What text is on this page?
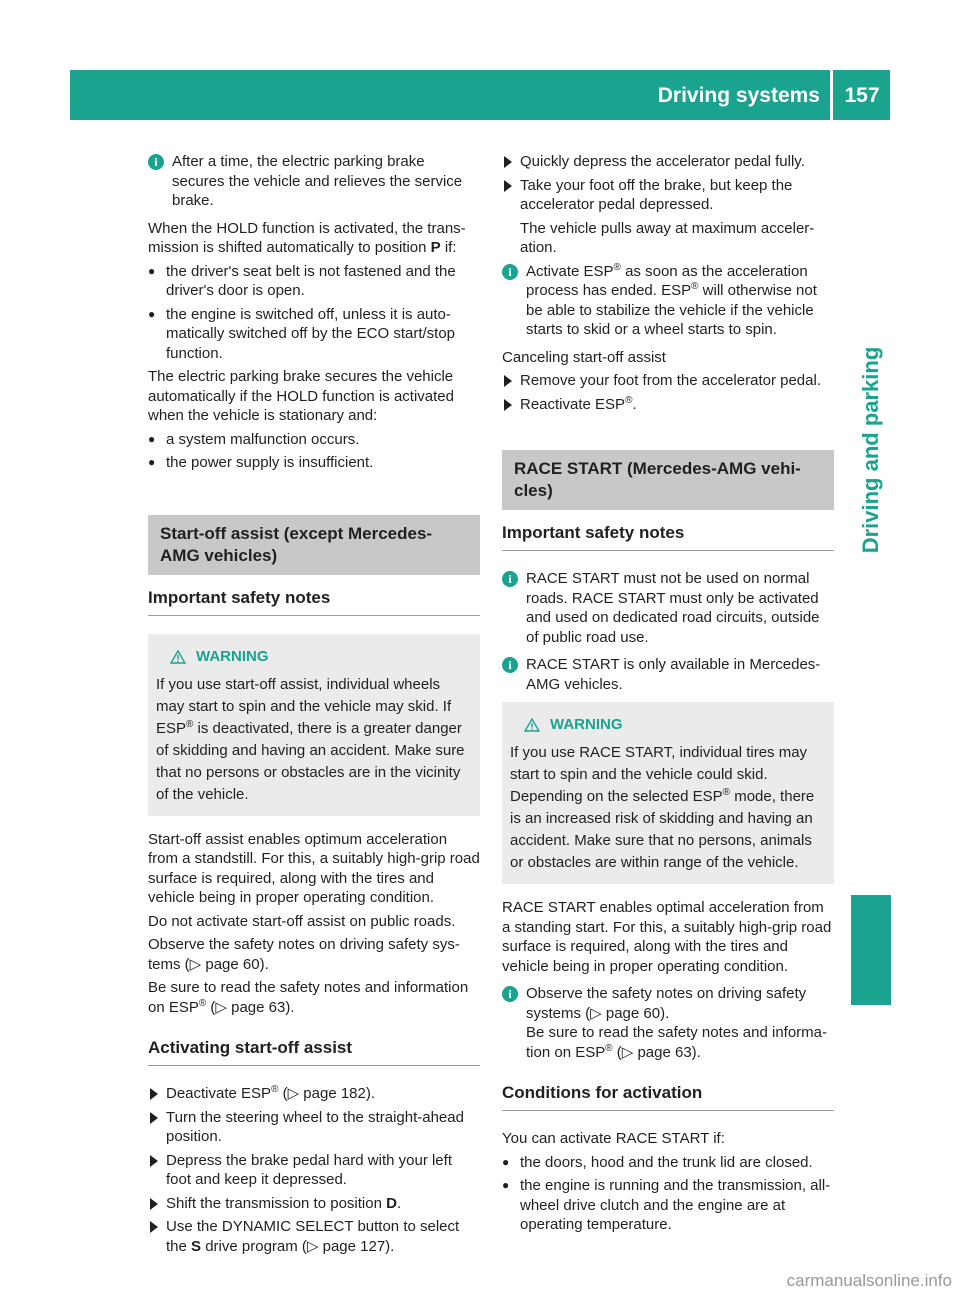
Driving systems 157
Driving and parking
i After a time, the electric parking brake secures the vehicle and relieves the service brake.

When the HOLD function is activated, the trans-mission is shifted automatically to position P if:

● the driver's seat belt is not fastened and the driver's door is open.
● the engine is switched off, unless it is auto-matically switched off by the ECO start/stop function.

The electric parking brake secures the vehicle automatically if the HOLD function is activated when the vehicle is stationary and:

● a system malfunction occurs.
● the power supply is insufficient.
Start-off assist (except Mercedes-AMG vehicles)
Important safety notes
WARNING
If you use start-off assist, individual wheels may start to spin and the vehicle may skid. If ESP® is deactivated, there is a greater danger of skidding and having an accident. Make sure that no persons or obstacles are in the vicinity of the vehicle.

Start-off assist enables optimum acceleration from a standstill. For this, a suitably high-grip road surface is required, along with the tires and vehicle being in proper operating condition.

Do not activate start-off assist on public roads.

Observe the safety notes on driving safety sys-tems (▷ page 60).

Be sure to read the safety notes and information on ESP® (▷ page 63).

Activating start-off assist
Deactivate ESP® (▷ page 182).
Turn the steering wheel to the straight-ahead position.
Depress the brake pedal hard with your left foot and keep it depressed.
Shift the transmission to position D.
Use the DYNAMIC SELECT button to select the S drive program (▷ page 127).
Quickly depress the accelerator pedal fully.
Take your foot off the brake, but keep the accelerator pedal depressed.

The vehicle pulls away at maximum acceler-ation.

i Activate ESP® as soon as the acceleration process has ended. ESP® will otherwise not be able to stabilize the vehicle if the vehicle starts to skid or a wheel starts to spin.

Canceling start-off assist

Remove your foot from the accelerator pedal.
Reactivate ESP®.
RACE START (Mercedes-AMG vehi-cles)
Important safety notes
i RACE START must not be used on normal roads. RACE START must only be activated and used on dedicated road circuits, outside of public road use.
i RACE START is only available in Mercedes-AMG vehicles.
WARNING
If you use RACE START, individual tires may start to spin and the vehicle could skid.
Depending on the selected ESP® mode, there is an increased risk of skidding and having an accident. Make sure that no persons, animals or obstacles are within range of the vehicle.

RACE START enables optimal acceleration from a standing start. For this, a suitably high-grip road surface is required, along with the tires and vehicle being in proper operating condition.

i Observe the safety notes on driving safety systems (▷ page 60).
Be sure to read the safety notes and informa-tion on ESP® (▷ page 63).
Conditions for activation

You can activate RACE START if:

● the doors, hood and the trunk lid are closed.
● the engine is running and the transmission, all-wheel drive clutch and the engine are at operating temperature.
carmanualsonline.info
